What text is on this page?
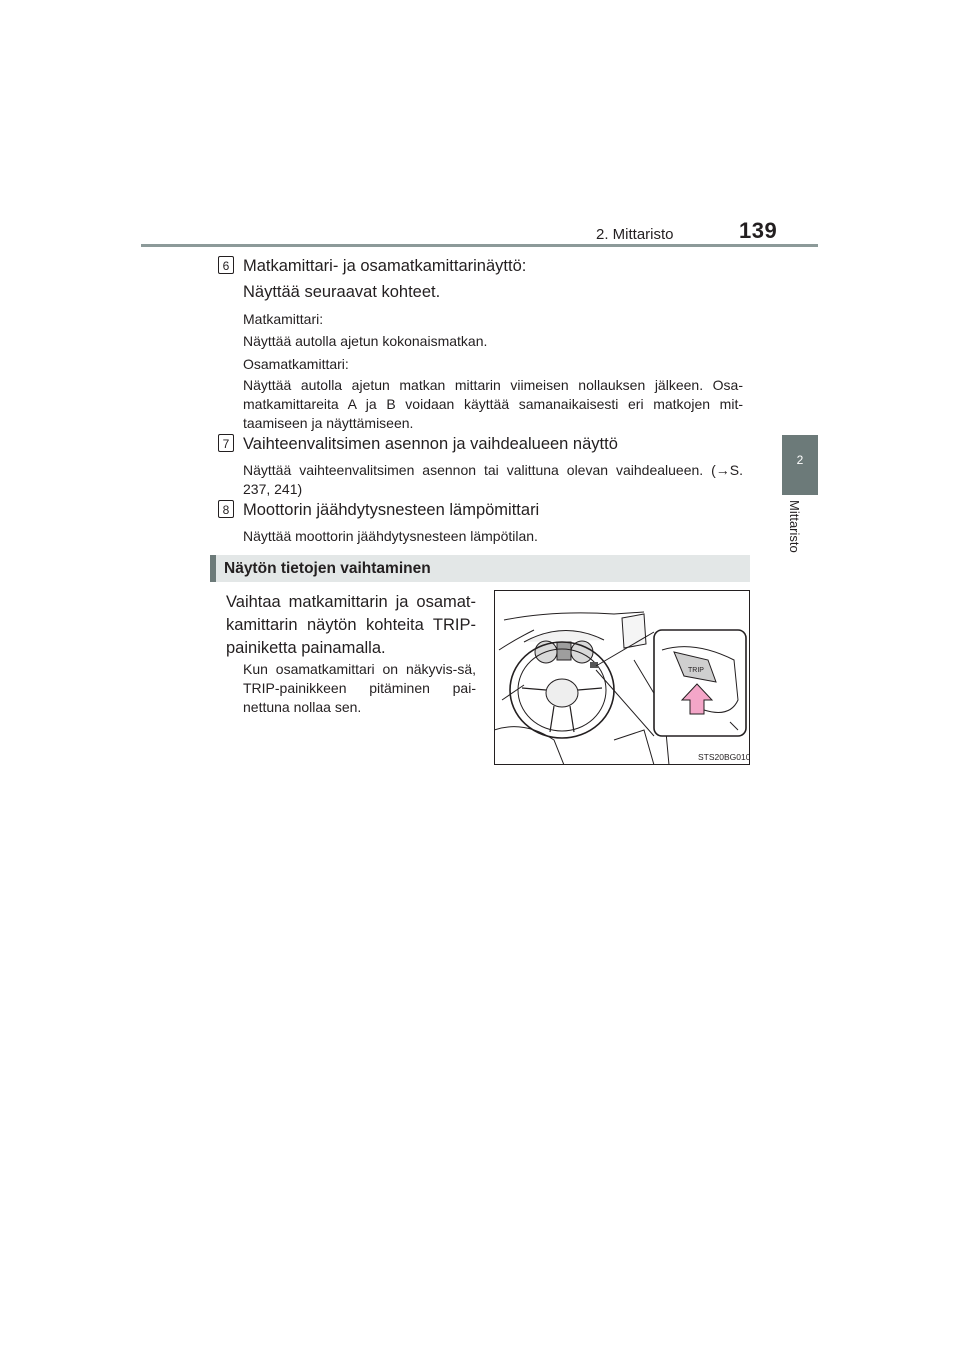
2. Mittaristo	139
2
Mittaristo
6 Matkamittari- ja osamatkamittarinäyttö:
Näyttää seuraavat kohteet.
Matkamittari:
Näyttää autolla ajetun kokonaismatkan.
Osamatkamittari:
Näyttää autolla ajetun matkan mittarin viimeisen nollauksen jälkeen. Osa-matkamittareita A ja B voidaan käyttää samanaikaisesti eri matkojen mit-taamiseen ja näyttämiseen.
7 Vaihteenvalitsimen asennon ja vaihdealueen näyttö
Näyttää vaihteenvalitsimen asennon tai valittuna olevan vaihdealueen. (→S. 237, 241)
8 Moottorin jäähdytysnesteen lämpömittari
Näyttää moottorin jäähdytysnesteen lämpötilan.
Näytön tietojen vaihtaminen
Vaihtaa matkamittarin ja osamat-kamittarin näytön kohteita TRIP-painiketta painamalla.
Kun osamatkamittari on näkyvis-sä, TRIP-painikkeen pitäminen pai-nettuna nollaa sen.
TRIP
STS20BG010
